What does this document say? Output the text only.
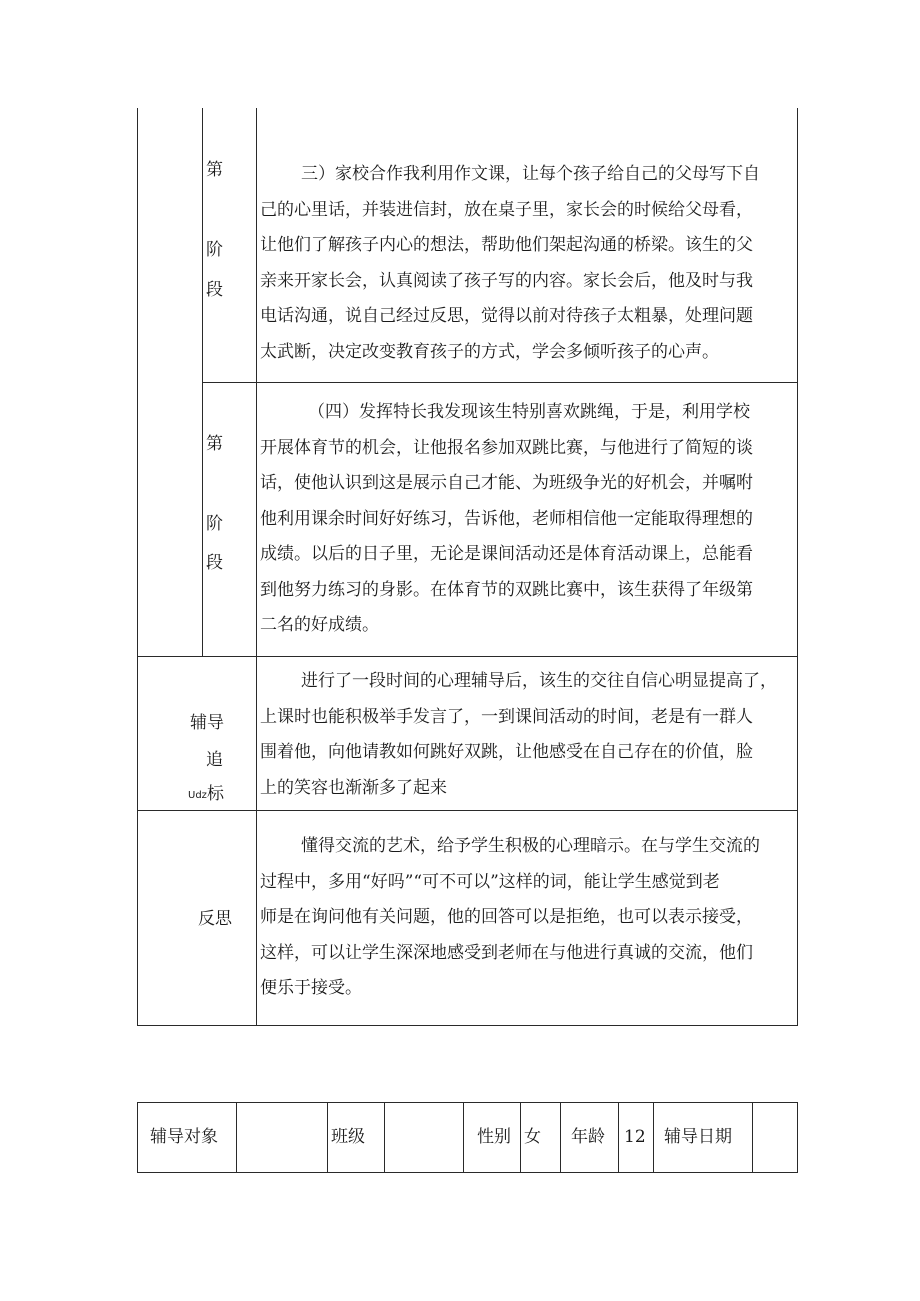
第
阶
段
三）家校合作我利用作文课，让每个孩子给自己的父母写下自
己的心里话，并装进信封，放在桌子里，家长会的时候给父母看，
让他们了解孩子内心的想法，帮助他们架起沟通的桥梁。该生的父
亲来开家长会，认真阅读了孩子写的内容。家长会后，他及时与我
电话沟通，说自己经过反思，觉得以前对待孩子太粗暴，处理问题
太武断，决定改变教育孩子的方式，学会多倾听孩子的心声。
第
阶
段
（四）发挥特长我发现该生特别喜欢跳绳，于是，利用学校
开展体育节的机会，让他报名参加双跳比赛，与他进行了简短的谈
话，使他认识到这是展示自己才能、为班级争光的好机会，并嘱咐
他利用课余时间好好练习，告诉他，老师相信他一定能取得理想的
成绩。以后的日子里，无论是课间活动还是体育活动课上，总能看
到他努力练习的身影。在体育节的双跳比赛中，该生获得了年级第
二名的好成绩。
辅导
追
Udz 标
进行了一段时间的心理辅导后，该生的交往自信心明显提高了，
上课时也能积极举手发言了，一到课间活动的时间，老是有一群人
围着他，向他请教如何跳好双跳，让他感受在自己存在的价值，脸
上的笑容也渐渐多了起来
反思
懂得交流的艺术，给予学生积极的心理暗示。在与学生交流的
过程中，多用“好吗”“可不可以”这样的词，能让学生感觉到老
师是在询问他有关问题，他的回答可以是拒绝，也可以表示接受，
这样，可以让学生深深地感受到老师在与他进行真诚的交流，他们
便乐于接受。
辅导对象	班级	性别 女 年龄 12 辅导日期
